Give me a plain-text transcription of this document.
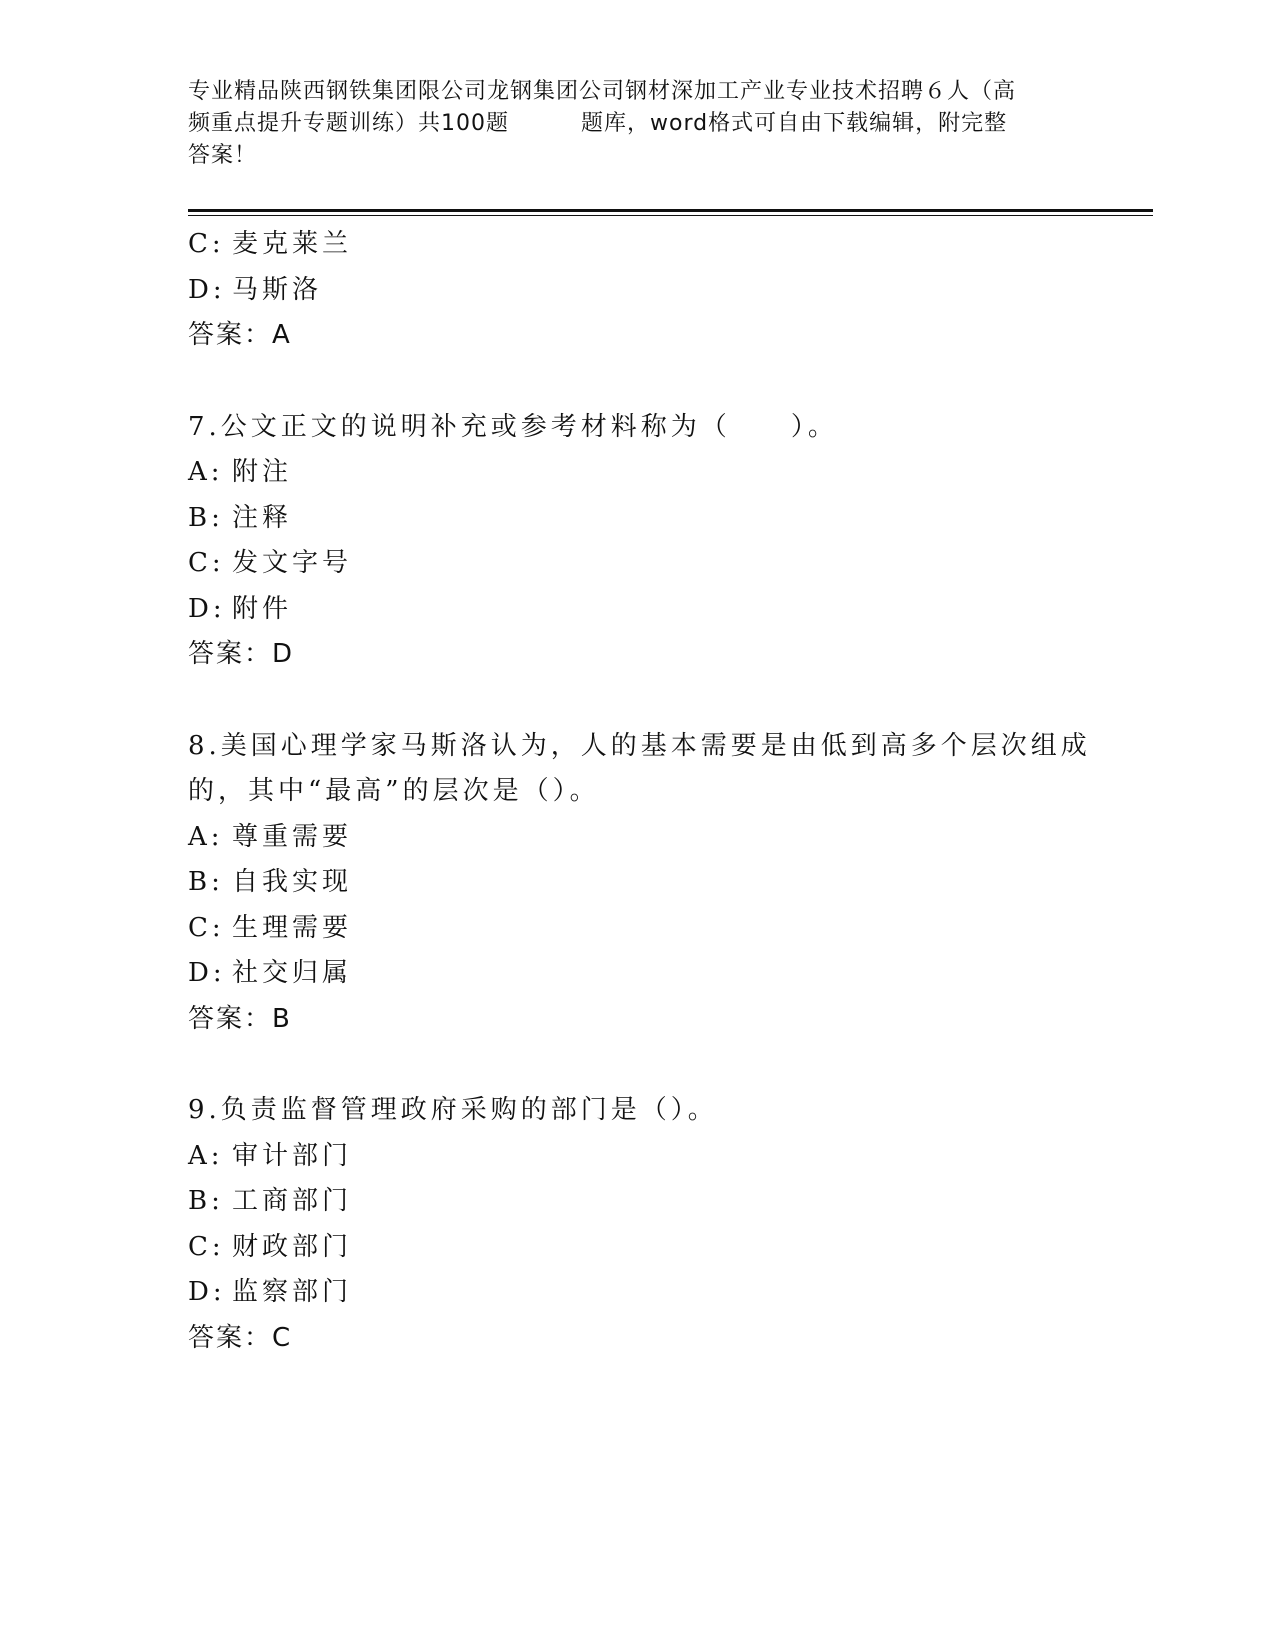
专业精品陕西钢铁集团限公司龙钢集团公司钢材深加工产业专业技术招聘６人（高
频重点提升专题训练）共100题	题库，word格式可自由下载编辑，附完整
答案！
C: 麦克莱兰
D: 马斯洛
答案：A
7.公文正文的说明补充或参考材料称为（ ）。
A: 附注
B: 注释
C: 发文字号
D: 附件
答案：D
8.美国心理学家马斯洛认为，人的基本需要是由低到高多个层次组成
的，其中“最高”的层次是（）。
A: 尊重需要
B: 自我实现
C: 生理需要
D: 社交归属
答案：B
9.负责监督管理政府采购的部门是（）。
A: 审计部门
B: 工商部门
C: 财政部门
D: 监察部门
答案：C
